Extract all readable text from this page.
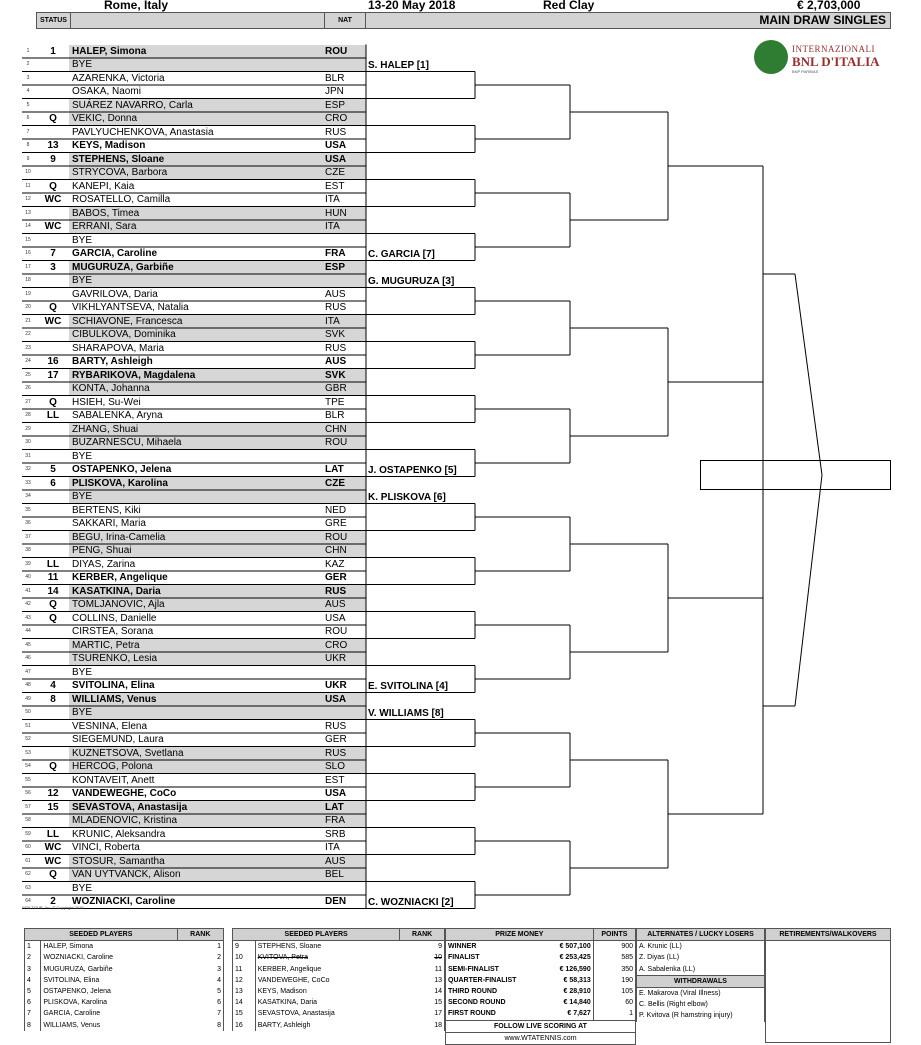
Rome, Italy	13-20 May 2018	Red Clay	€ 2,703,000
STATUS	NAT	MAIN DRAW SINGLES
INTERNAZIONALI
BNL D'ITALIA
BNP PARIBAS
1	1	HALEP, Simona	ROU
2	BYE
3	AZARENKA, Victoria	BLR
4	OSAKA, Naomi	JPN
5	SUÁREZ NAVARRO, Carla	ESP
6	Q	VEKIC, Donna	CRO
7	PAVLYUCHENKOVA, Anastasia	RUS
8	13	KEYS, Madison	USA
9	9	STEPHENS, Sloane	USA
10	STRYCOVA, Barbora	CZE
11	Q	KANEPI, Kaia	EST
12	WC	ROSATELLO, Camilla	ITA
13	BABOS, Timea	HUN
14	WC	ERRANI, Sara	ITA
15	BYE
16	7	GARCIA, Caroline	FRA
17	3	MUGURUZA, Garbiñe	ESP
18	BYE
19	GAVRILOVA, Daria	AUS
20	Q	VIKHLYANTSEVA, Natalia	RUS
21	WC	SCHIAVONE, Francesca	ITA
22	CIBULKOVA, Dominika	SVK
23	SHARAPOVA, Maria	RUS
24	16	BARTY, Ashleigh	AUS
25	17	RYBARIKOVA, Magdalena	SVK
26	KONTA, Johanna	GBR
27	Q	HSIEH, Su-Wei	TPE
28	LL	SABALENKA, Aryna	BLR
29	ZHANG, Shuai	CHN
30	BUZARNESCU, Mihaela	ROU
31	BYE
32	5	OSTAPENKO, Jelena	LAT
33	6	PLISKOVA, Karolina	CZE
34	BYE
35	BERTENS, Kiki	NED
36	SAKKARI, Maria	GRE
37	BEGU, Irina-Camelia	ROU
38	PENG, Shuai	CHN
39	LL	DIYAS, Zarina	KAZ
40	11	KERBER, Angelique	GER
41	14	KASATKINA, Daria	RUS
42	Q	TOMLJANOVIC, Ajla	AUS
43	Q	COLLINS, Danielle	USA
44	CIRSTEA, Sorana	ROU
45	MARTIC, Petra	CRO
46	TSURENKO, Lesia	UKR
47	BYE
48	4	SVITOLINA, Elina	UKR
49	8	WILLIAMS, Venus	USA
50	BYE
51	VESNINA, Elena	RUS
52	SIEGEMUND, Laura	GER
53	KUZNETSOVA, Svetlana	RUS
54	Q	HERCOG, Polona	SLO
55	KONTAVEIT, Anett	EST
56	12	VANDEWEGHE, CoCo	USA
57	15	SEVASTOVA, Anastasija	LAT
58	MLADENOVIC, Kristina	FRA
59	LL	KRUNIC, Aleksandra	SRB
60	WC	VINCI, Roberta	ITA
61	WC	STOSUR, Samantha	AUS
62	Q	VAN UYTVANCK, Alison	BEL
63	BYE
64	2	WOZNIACKI, Caroline	DEN
WTA TOUR, Inc. © Copyright 2016
SEEDED PLAYERS		RANK
1	HALEP, Simona	1
2	WOZNIACKI, Caroline	2
3	MUGURUZA, Garbiñe	3
4	SVITOLINA, Elina	4
5	OSTAPENKO, Jelena	5
6	PLISKOVA, Karolina	6
7	GARCIA, Caroline	7
8	WILLIAMS, Venus	8
SEEDED PLAYERS		RANK
9	STEPHENS, Sloane	9
10	KVITOVA, Petra	10
11	KERBER, Angelique	11
12	VANDEWEGHE, CoCo	13
13	KEYS, Madison	14
14	KASATKINA, Daria	15
15	SEVASTOVA, Anastasija	17
16	BARTY, Ashleigh	18
PRIZE MONEY		POINTS
WINNER	€ 507,100	900
FINALIST	€ 253,425	585
SEMI-FINALIST	€ 126,590	350
QUARTER-FINALIST	€ 58,313	190
THIRD ROUND	€ 28,910	105
SECOND ROUND	€ 14,840	60
FIRST ROUND	€ 7,627	1
FOLLOW LIVE SCORING AT		
www.WTATENNIS.com		
ALTERNATES / LUCKY LOSERS
A. Krunic (LL)
Z. Diyas (LL)
A. Sabalenka (LL)
WITHDRAWALS
E. Makarova (Viral Illness)
C. Bellis (Right elbow)
P. Kvitova (R hamstring injury)
RETIREMENTS/WALKOVERS

S. HALEP [1]
C. GARCIA [7]
G. MUGURUZA [3]
J. OSTAPENKO [5]
K. PLISKOVA [6]
E. SVITOLINA [4]
V. WILLIAMS [8]
C. WOZNIACKI [2]
